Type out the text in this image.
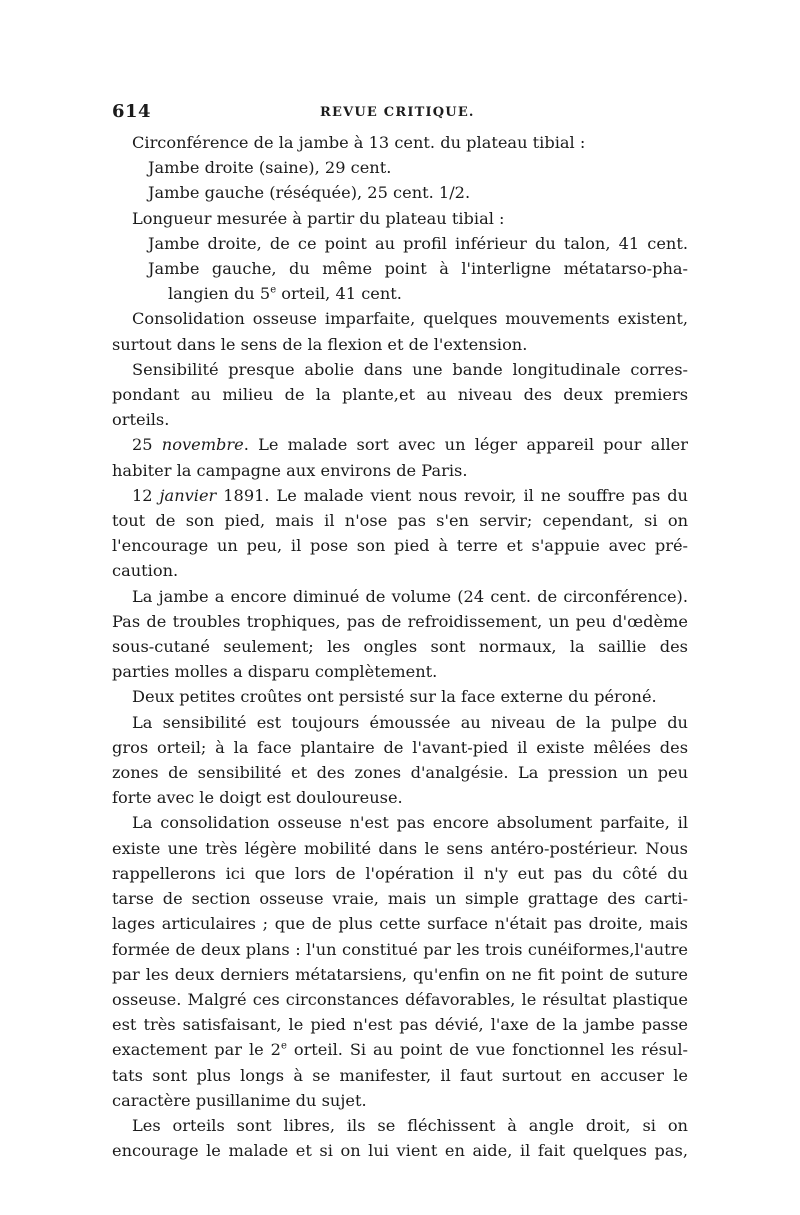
614	REVUE CRITIQUE.
Circonférence de la jambe à 13 cent. du plateau tibial :
Jambe droite (saine), 29 cent.
Jambe gauche (réséquée), 25 cent. 1/2.
Longueur mesurée à partir du plateau tibial :
Jambe droite, de ce point au profil inférieur du talon, 41 cent.
Jambe gauche, du même point à l'interligne métatarso-pha-
langien du 5e orteil, 41 cent.
Consolidation osseuse imparfaite, quelques mouvements existent,
surtout dans le sens de la flexion et de l'extension.
Sensibilité presque abolie dans une bande longitudinale corres-
pondant au milieu de la plante,et au niveau des deux premiers orteils.
25 novembre. Le malade sort avec un léger appareil pour aller
habiter la campagne aux environs de Paris.
12 janvier 1891. Le malade vient nous revoir, il ne souffre pas du
tout de son pied, mais il n'ose pas s'en servir; cependant, si on
l'encourage un peu, il pose son pied à terre et s'appuie avec pré-
caution.
La jambe a encore diminué de volume (24 cent. de circonférence).
Pas de troubles trophiques, pas de refroidissement, un peu d'œdème
sous-cutané seulement; les ongles sont normaux, la saillie des
parties molles a disparu complètement.
Deux petites croûtes ont persisté sur la face externe du péroné.
La sensibilité est toujours émoussée au niveau de la pulpe du
gros orteil; à la face plantaire de l'avant-pied il existe mêlées des
zones de sensibilité et des zones d'analgésie. La pression un peu
forte avec le doigt est douloureuse.
La consolidation osseuse n'est pas encore absolument parfaite, il
existe une très légère mobilité dans le sens antéro-postérieur. Nous
rappellerons ici que lors de l'opération il n'y eut pas du côté du
tarse de section osseuse vraie, mais un simple grattage des carti-
lages articulaires ; que de plus cette surface n'était pas droite, mais
formée de deux plans : l'un constitué par les trois cunéiformes,l'autre
par les deux derniers métatarsiens, qu'enfin on ne fit point de suture
osseuse. Malgré ces circonstances défavorables, le résultat plastique
est très satisfaisant, le pied n'est pas dévié, l'axe de la jambe passe
exactement par le 2e orteil. Si au point de vue fonctionnel les résul-
tats sont plus longs à se manifester, il faut surtout en accuser le
caractère pusillanime du sujet.
Les orteils sont libres, ils se fléchissent à angle droit, si on
encourage le malade et si on lui vient en aide, il fait quelques pas,
